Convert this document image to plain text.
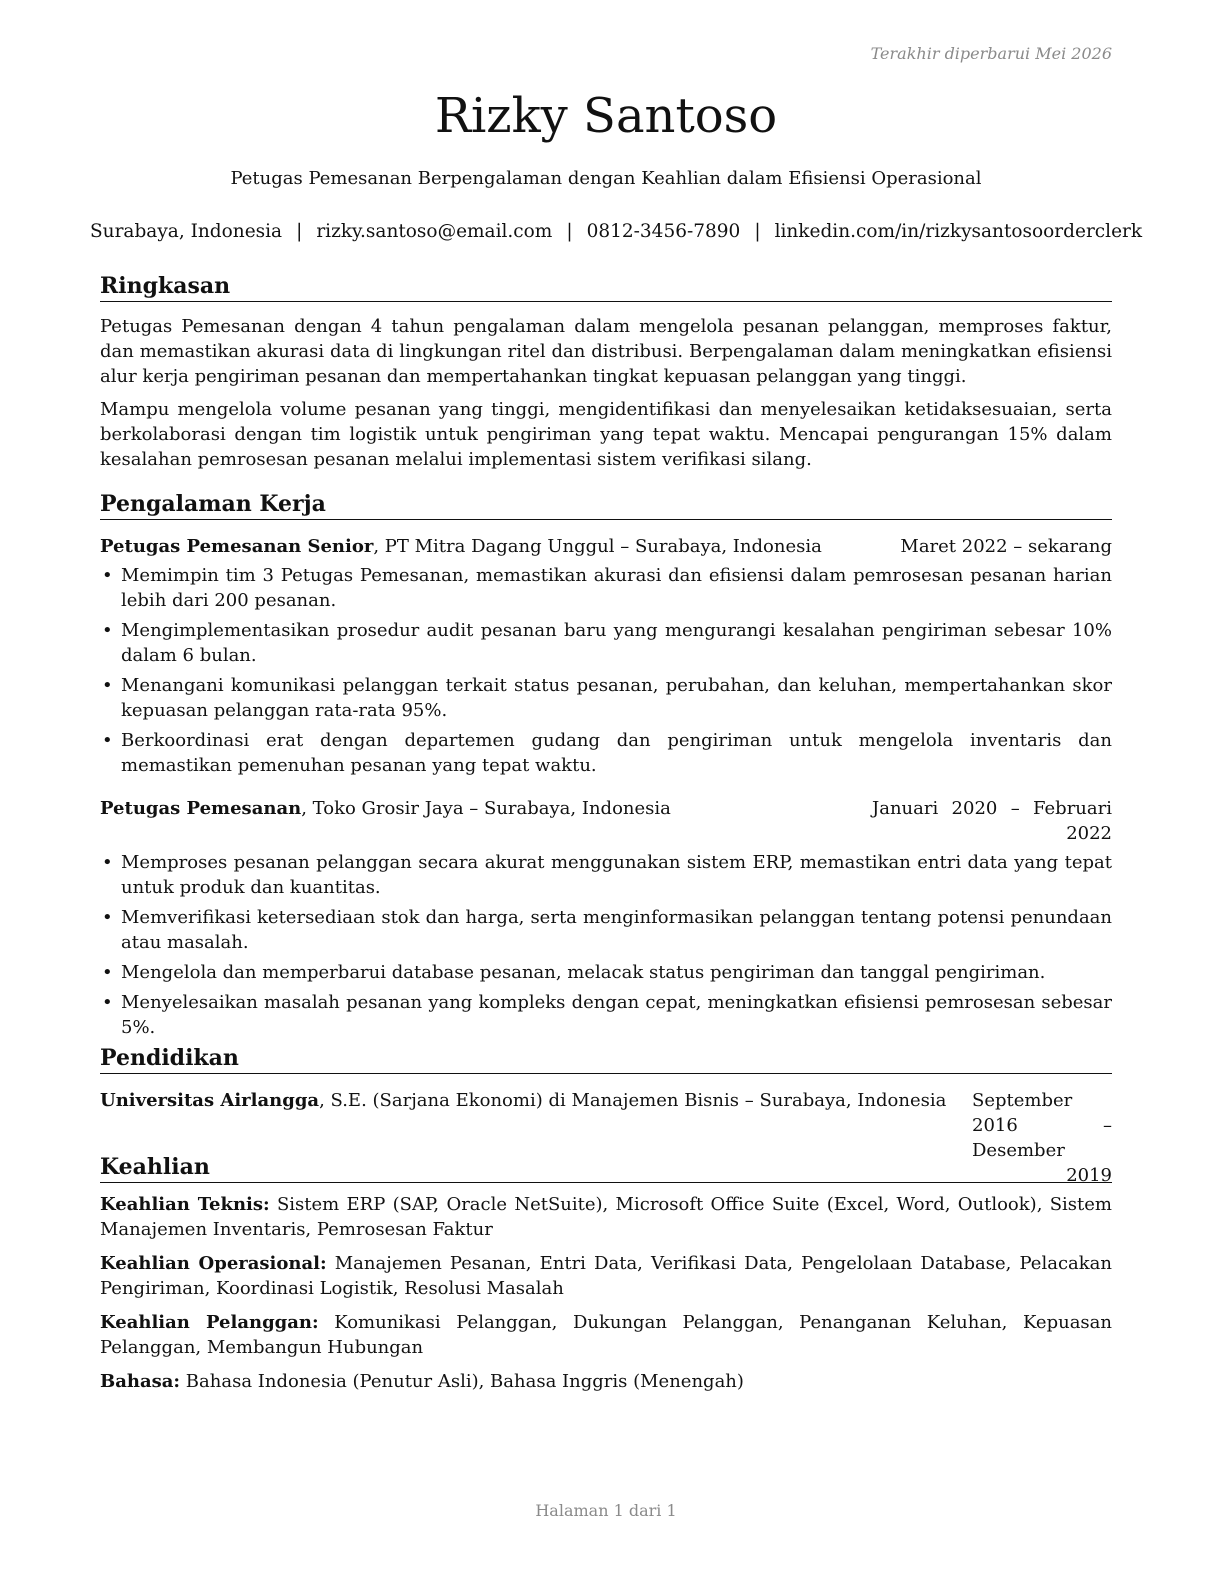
Terakhir diperbarui Mei 2026
Rizky Santoso
Petugas Pemesanan Berpengalaman dengan Keahlian dalam Efisiensi Operasional
Surabaya, Indonesia | rizky.santoso@email.com | 0812-3456-7890 | linkedin.com/in/rizkysantosoorderclerk
Ringkasan

Petugas Pemesanan dengan 4 tahun pengalaman dalam mengelola pesanan pelanggan, memproses faktur, dan memastikan akurasi data di lingkungan ritel dan distribusi. Berpengalaman dalam meningkatkan efisiensi alur kerja pengiriman pesanan dan mempertahankan tingkat kepuasan pelanggan yang tinggi.

Mampu mengelola volume pesanan yang tinggi, mengidentifikasi dan menyelesaikan ketidaksesuaian, serta berkolaborasi dengan tim logistik untuk pengiriman yang tepat waktu. Mencapai pengurangan 15% dalam kesalahan pemrosesan pesanan melalui implementasi sistem verifikasi silang.

Pengalaman Kerja
Petugas Pemesanan Senior, PT Mitra Dagang Unggul – Surabaya, Indonesia	Maret 2022 – sekarang
• Memimpin tim 3 Petugas Pemesanan, memastikan akurasi dan efisiensi dalam pemrosesan pesanan harian lebih dari 200 pesanan.
• Mengimplementasikan prosedur audit pesanan baru yang mengurangi kesalahan pengiriman sebesar 10% dalam 6 bulan.
• Menangani komunikasi pelanggan terkait status pesanan, perubahan, dan keluhan, mempertahankan skor kepuasan pelanggan rata-rata 95%.
• Berkoordinasi erat dengan departemen gudang dan pengiriman untuk mengelola inventaris dan memastikan pemenuhan pesanan yang tepat waktu.
Petugas Pemesanan, Toko Grosir Jaya – Surabaya, Indonesia	Januari 2020 – Februari 2022
• Memproses pesanan pelanggan secara akurat menggunakan sistem ERP, memastikan entri data yang tepat untuk produk dan kuantitas.
• Memverifikasi ketersediaan stok dan harga, serta menginformasikan pelanggan tentang potensi penundaan atau masalah.
• Mengelola dan memperbarui database pesanan, melacak status pengiriman dan tanggal pengiriman.
• Menyelesaikan masalah pesanan yang kompleks dengan cepat, meningkatkan efisiensi pemrosesan sebesar 5%.
Pendidikan
Universitas Airlangga, S.E. (Sarjana Ekonomi) di Manajemen Bisnis – Surabaya, Indonesia September 2016 – Desember 2019
Keahlian
Keahlian Teknis: Sistem ERP (SAP, Oracle NetSuite), Microsoft Office Suite (Excel, Word, Outlook), Sistem Manajemen Inventaris, Pemrosesan Faktur
Keahlian Operasional: Manajemen Pesanan, Entri Data, Verifikasi Data, Pengelolaan Database, Pelacakan Pengiriman, Koordinasi Logistik, Resolusi Masalah
Keahlian Pelanggan: Komunikasi Pelanggan, Dukungan Pelanggan, Penanganan Keluhan, Kepuasan Pelanggan, Membangun Hubungan
Bahasa: Bahasa Indonesia (Penutur Asli), Bahasa Inggris (Menengah)
Halaman 1 dari 1
